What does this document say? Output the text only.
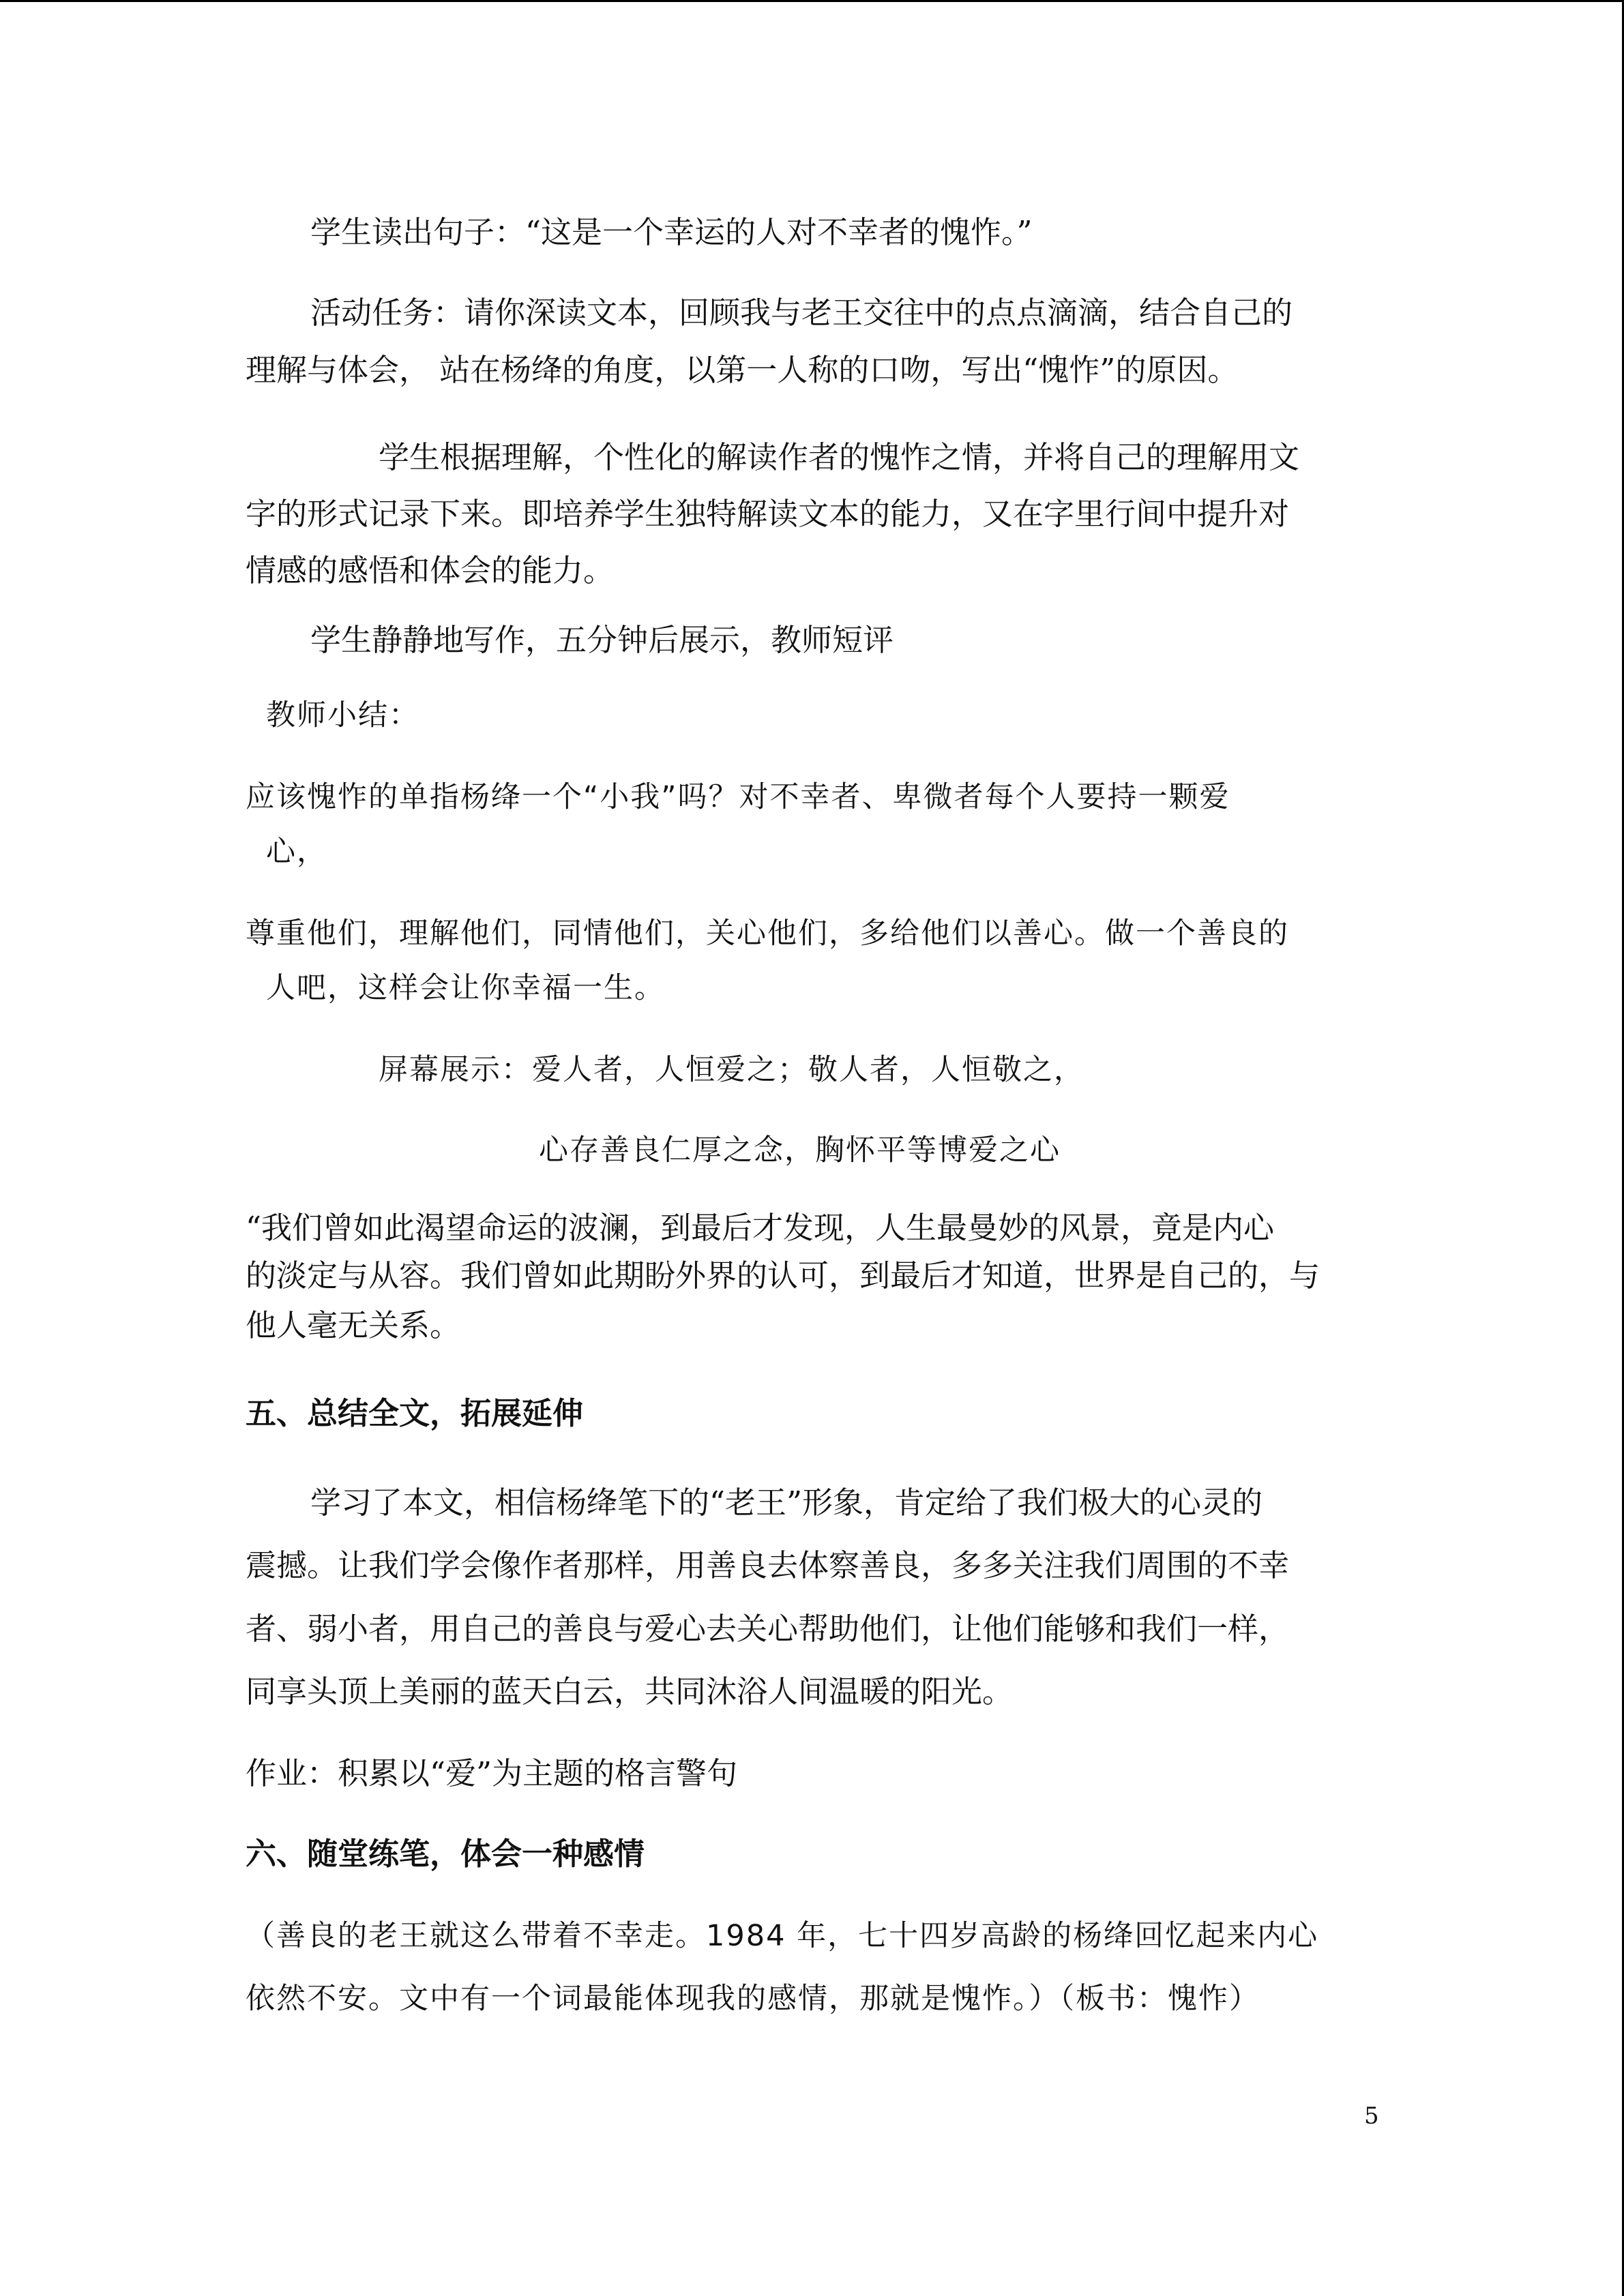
学生读出句子：“这是一个幸运的人对不幸者的愧怍。”
活动任务：请你深读文本，回顾我与老王交往中的点点滴滴，结合自己的
理解与体会， 站在杨绛的角度，以第一人称的口吻，写出“愧怍”的原因。
学生根据理解，个性化的解读作者的愧怍之情，并将自己的理解用文
字的形式记录下来。即培养学生独特解读文本的能力，又在字里行间中提升对
情感的感悟和体会的能力。
学生静静地写作，五分钟后展示，教师短评
教师小结：
应该愧怍的单指杨绛一个“小我”吗？对不幸者、卑微者每个人要持一颗爱
心，
尊重他们，理解他们，同情他们，关心他们，多给他们以善心。做一个善良的
人吧，这样会让你幸福一生。
屏幕展示：爱人者，人恒爱之；敬人者，人恒敬之，
心存善良仁厚之念，胸怀平等博爱之心
“我们曾如此渴望命运的波澜，到最后才发现，人生最曼妙的风景，竟是内心
的淡定与从容。我们曾如此期盼外界的认可，到最后才知道，世界是自己的，与
他人毫无关系。
五、总结全文，拓展延伸
学习了本文，相信杨绛笔下的“老王”形象，肯定给了我们极大的心灵的
震撼。让我们学会像作者那样，用善良去体察善良，多多关注我们周围的不幸
者、弱小者，用自己的善良与爱心去关心帮助他们，让他们能够和我们一样，
同享头顶上美丽的蓝天白云，共同沐浴人间温暖的阳光。
作业：积累以“爱”为主题的格言警句
六、随堂练笔，体会一种感情
（善良的老王就这么带着不幸走。1984 年，七十四岁高龄的杨绛回忆起来内心
依然不安。文中有一个词最能体现我的感情，那就是愧怍。）（板书：愧怍）
5
